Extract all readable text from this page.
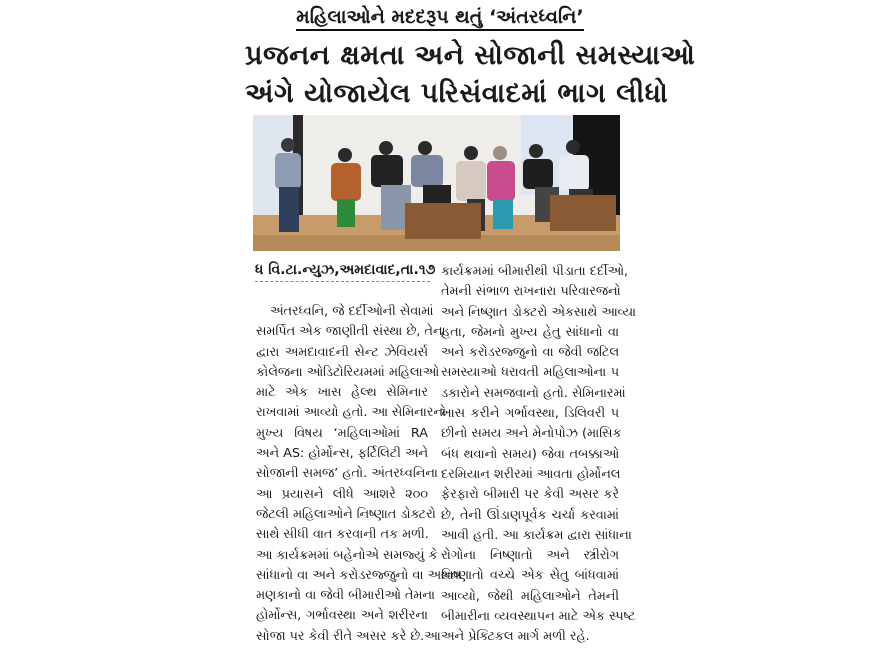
મહિલાઓને મદદરૂપ થતું ‘અંતરધ્વનિ’
પ્રજનન ક્ષમતા અને સોજાની સમસ્યાઓ
અંગે યોજાયેલ પરિસંવાદમાં ભાગ લીધો
ધ વિ.ટા.ન્યુઝ,અમદાવાદ,તા.૧૭
અંતરધ્વનિ, જે દર્દીઓની સેવામાં
સમર્પિત એક જાણીતી સંસ્થા છે, તેના
દ્વારા અમદાવાદની સેન્ટ ઝેવિયર્સ
કોલેજના ઓડિટોરિયમમાં મહિલાઓ
માટે એક ખાસ હેલ્થ સેમિનાર
રાખવામાં આવ્યો હતો. આ સેમિનારનો
મુખ્ય વિષય ‘મહિલાઓમાં RA
અને AS: હોર્મોન્સ, ફર્ટિલિટી અને
સોજાની સમજ’ હતો. અંતરધ્વનિના
આ પ્રયાસને લીધે આશરે ૨૦૦
જેટલી મહિલાઓને નિષ્ણાત ડોક્ટરો
સાથે સીધી વાત કરવાની તક મળી.
આ કાર્યક્રમમાં બહેનોએ સમજ્યું કે
સાંધાનો વા અને કરોડરજ્જુનો વા અથવા
મણકાનો વા જેવી બીમારીઓ તેમના
હોર્મોન્સ, ગર્ભાવસ્થા અને શરીરના
સોજા પર કેવી રીતે અસર કરે છે.આ
કાર્યક્રમમાં બીમારીથી પીડાતા દર્દીઓ,
તેમની સંભાળ રાખનારા પરિવારજનો
અને નિષ્ણાત ડોક્ટરો એકસાથે આવ્યા
હતા, જેમનો મુખ્ય હેતુ સાંધાનો વા
અને કરોડરજ્જુનો વા જેવી જટિલ
સમસ્યાઓ ધરાવતી મહિલાઓના પ
ડકારોને સમજવાનો હતો. સેમિનારમાં
ખાસ કરીને ગર્ભાવસ્થા, ડિલિવરી પ
છીનો સમય અને મેનોપોઝ (માસિક
બંધ થવાનો સમય) જેવા તબક્કાઓ
દરમિયાન શરીરમાં આવતા હોર્મોનલ
ફેરફારો બીમારી પર કેવી અસર કરે
છે, તેની ઊંડાણપૂર્વક ચર્ચા કરવામાં
આવી હતી. આ કાર્યક્રમ દ્વારા સાંધાના
રોગોના નિષ્ણાતો અને સ્ત્રીરોગ
નિષ્ણાતો વચ્ચે એક સેતુ બાંધવામાં
આવ્યો, જેથી મહિલાઓને તેમની
બીમારીના વ્યવસ્થાપન માટે એક સ્પષ્ટ
અને પ્રેક્ટિકલ માર્ગ મળી રહે.
